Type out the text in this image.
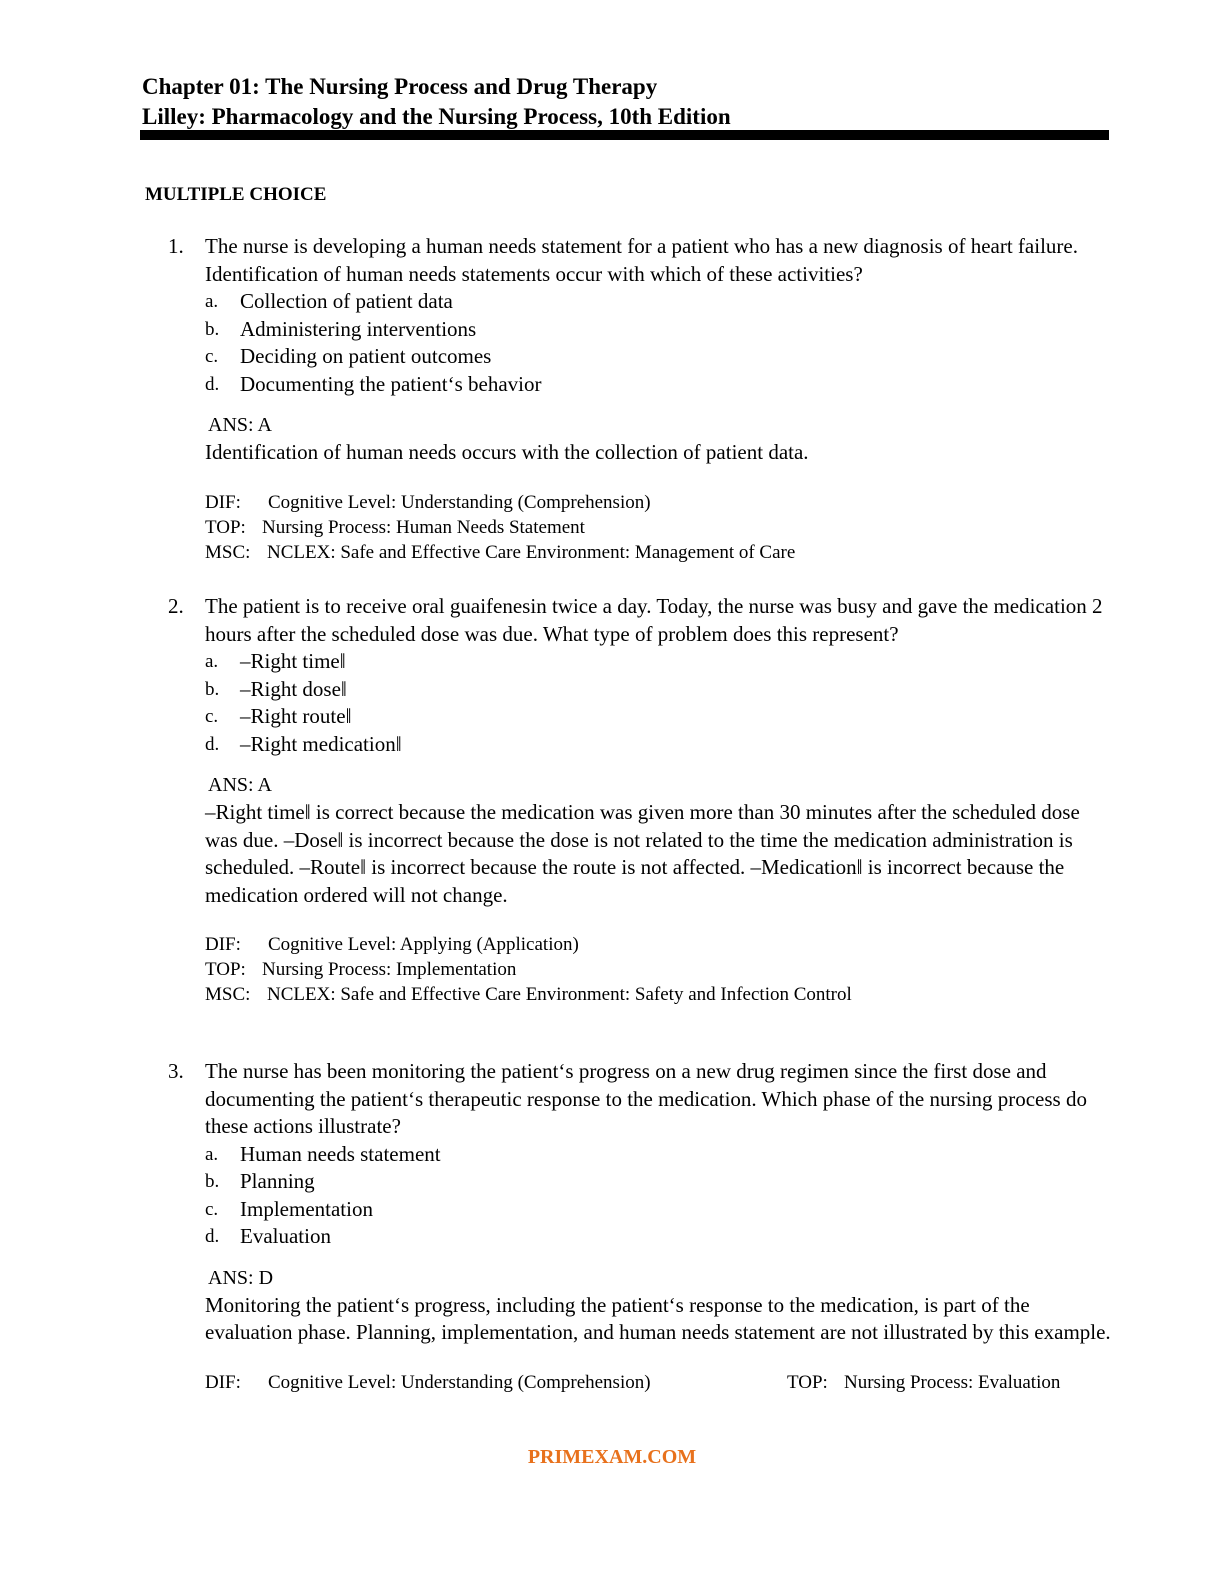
Chapter 01: The Nursing Process and Drug Therapy
Lilley: Pharmacology and the Nursing Process, 10th Edition
MULTIPLE CHOICE
1. The nurse is developing a human needs statement for a patient who has a new diagnosis of heart failure. Identification of human needs statements occur with which of these activities?

a. Collection of patient data
b. Administering interventions
c. Deciding on patient outcomes
d. Documenting the patient‘s behavior
ANS: A
Identification of human needs occurs with the collection of patient data.
DIF: Cognitive Level: Understanding (Comprehension)
TOP: Nursing Process: Human Needs Statement
MSC: NCLEX: Safe and Effective Care Environment: Management of Care
2. The patient is to receive oral guaifenesin twice a day. Today, the nurse was busy and gave the medication 2 hours after the scheduled dose was due. What type of problem does this represent?

a. –Right time‖
b. –Right dose‖
c. –Right route‖
d. –Right medication‖
ANS: A
–Right time‖ is correct because the medication was given more than 30 minutes after the scheduled dose was due. –Dose‖ is incorrect because the dose is not related to the time the medication administration is scheduled. –Route‖ is incorrect because the route is not affected. –Medication‖ is incorrect because the medication ordered will not change.
DIF: Cognitive Level: Applying (Application)
TOP: Nursing Process: Implementation
MSC: NCLEX: Safe and Effective Care Environment: Safety and Infection Control
3. The nurse has been monitoring the patient‘s progress on a new drug regimen since the first dose and documenting the patient‘s therapeutic response to the medication. Which phase of the nursing process do these actions illustrate?

a. Human needs statement
b. Planning
c. Implementation
d. Evaluation
ANS: D
Monitoring the patient‘s progress, including the patient‘s response to the medication, is part of the evaluation phase. Planning, implementation, and human needs statement are not illustrated by this example.
DIF: Cognitive Level: Understanding (Comprehension)	TOP: Nursing Process: Evaluation
PRIMEXAM.COM
